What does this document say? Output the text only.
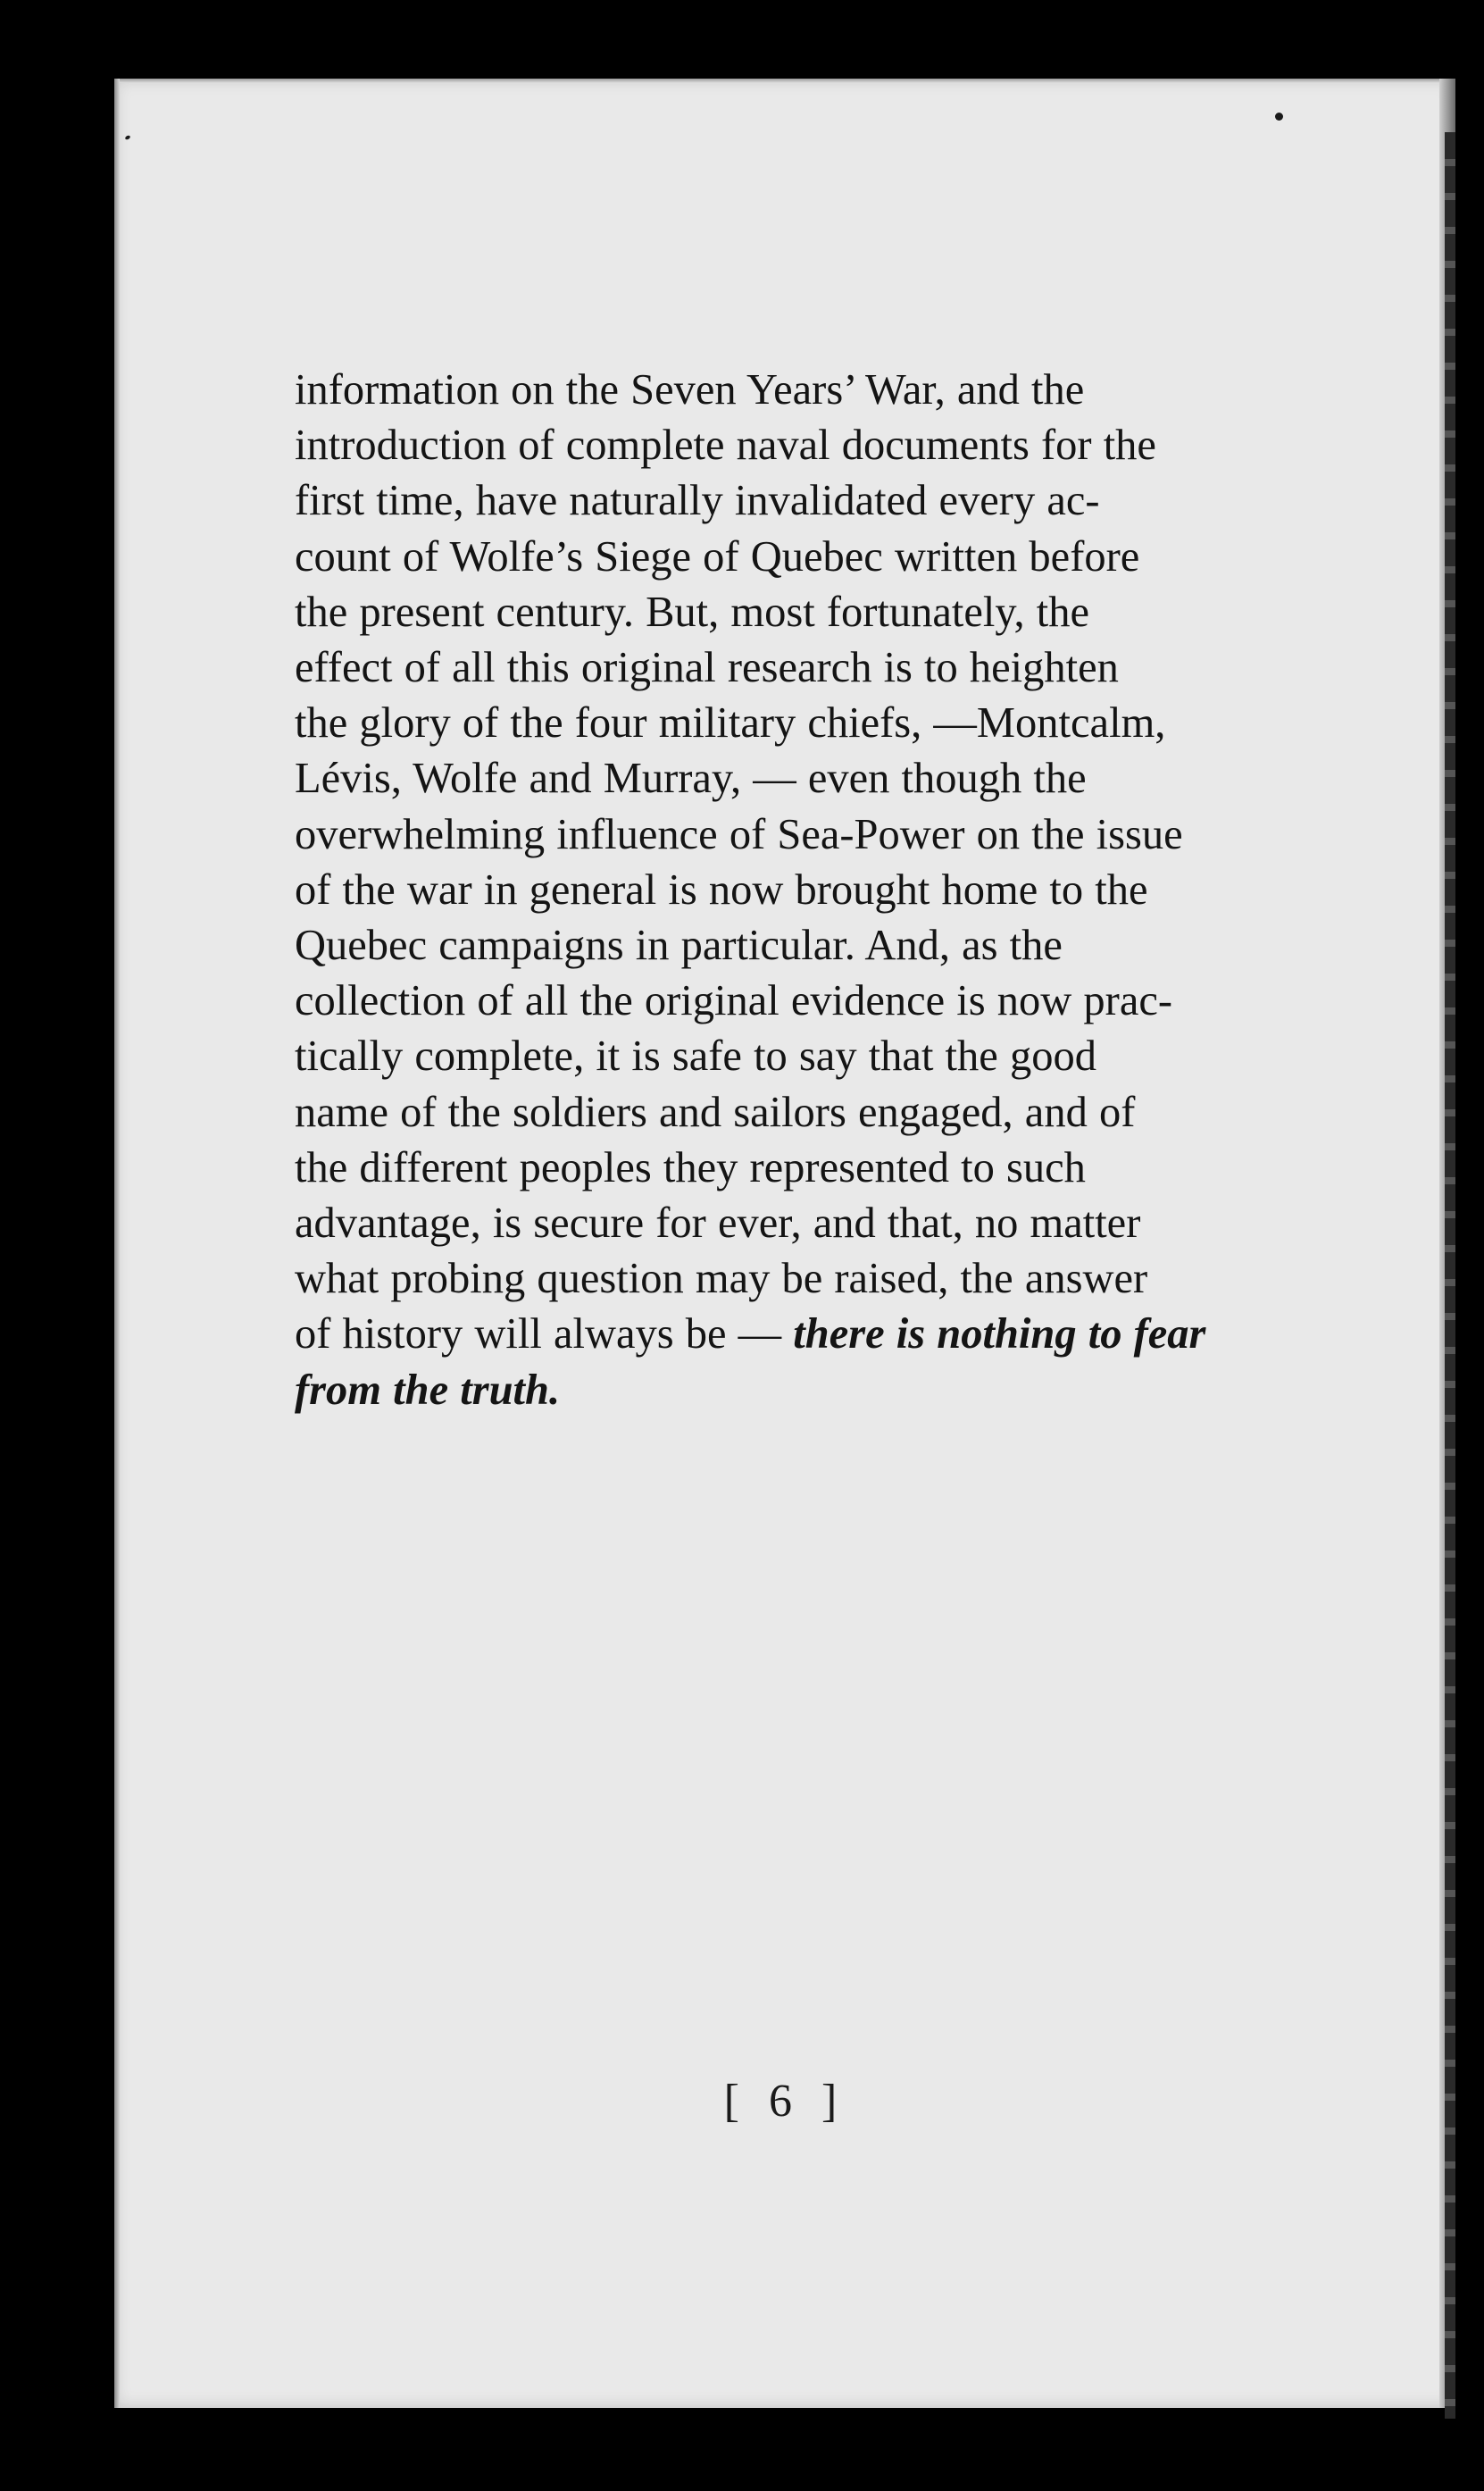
information on the Seven Years’ War, and the
introduction of complete naval documents for the
first time, have naturally invalidated every ac-
count of Wolfe’s Siege of Quebec written before
the present century. But, most fortunately, the
effect of all this original research is to heighten
the glory of the four military chiefs, —Montcalm,
Lévis, Wolfe and Murray, — even though the
overwhelming influence of Sea-Power on the issue
of the war in general is now brought home to the
Quebec campaigns in particular. And, as the
collection of all the original evidence is now prac-
tically complete, it is safe to say that the good
name of the soldiers and sailors engaged, and of
the different peoples they represented to such
advantage, is secure for ever, and that, no matter
what probing question may be raised, the answer
of history will always be — there is nothing to fear
from the truth.

[ 6 ]
